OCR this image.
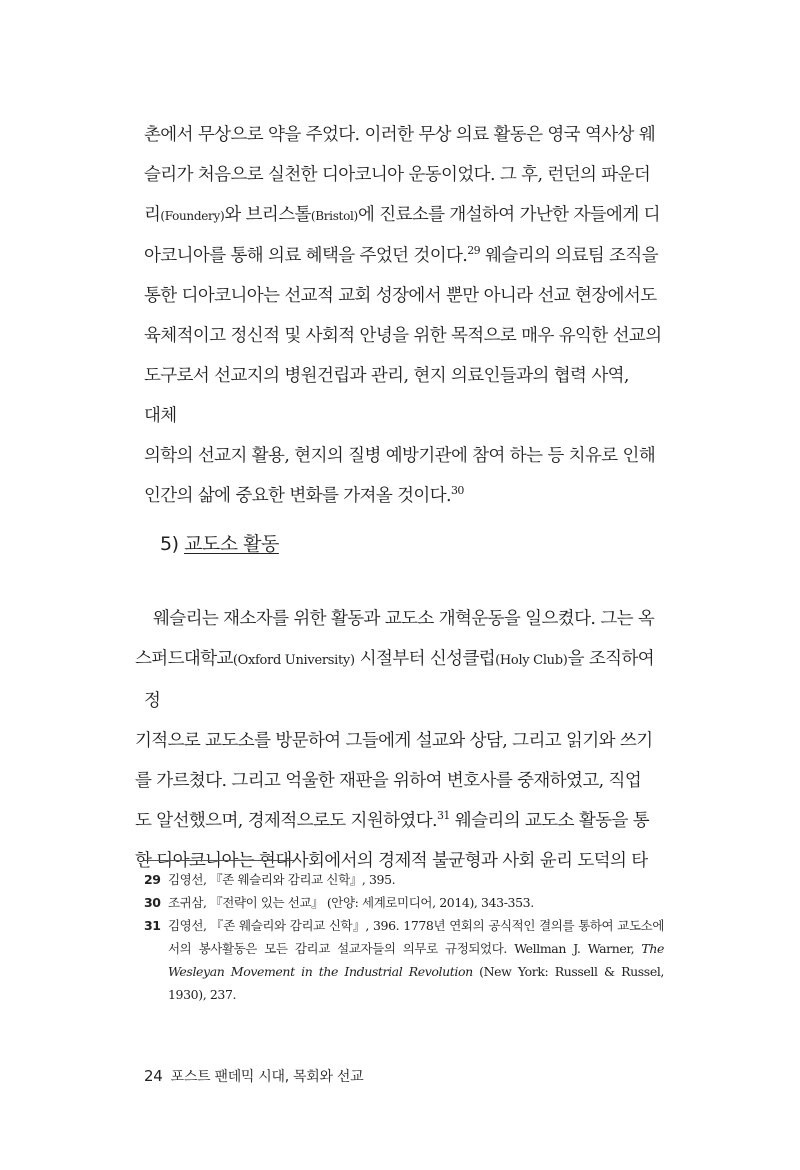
촌에서 무상으로 약을 주었다. 이러한 무상 의료 활동은 영국 역사상 웨
슬리가 처음으로 실천한 디아코니아 운동이었다. 그 후, 런던의 파운더
리(Foundery)와 브리스톨(Bristol)에 진료소를 개설하여 가난한 자들에게 디
아코니아를 통해 의료 혜택을 주었던 것이다.$^{29}$ 웨슬리의 의료팀 조직을
통한 디아코니아는 선교적 교회 성장에서 뿐만 아니라 선교 현장에서도
육체적이고 정신적 및 사회적 안녕을 위한 목적으로 매우 유익한 선교의
도구로서 선교지의 병원건립과 관리, 현지 의료인들과의 협력 사역, 대체
의학의 선교지 활용, 현지의 질병 예방기관에 참여 하는 등 치유로 인해
인간의 삶에 중요한 변화를 가져올 것이다.$^{30}$
5) 교도소 활동
웨슬리는 재소자를 위한 활동과 교도소 개혁운동을 일으켰다. 그는 옥
스퍼드대학교(Oxford University) 시절부터 신성클럽(Holy Club)을 조직하여 정
기적으로 교도소를 방문하여 그들에게 설교와 상담, 그리고 읽기와 쓰기
를 가르쳤다. 그리고 억울한 재판을 위하여 변호사를 중재하였고, 직업
도 알선했으며, 경제적으로도 지원하였다.$^{31}$ 웨슬리의 교도소 활동을 통
한 디아코니아는 현대사회에서의 경제적 불균형과 사회 윤리 도덕의 타
29 김영선, 『존 웨슬리와 감리교 신학』, 395.
30 조귀삼, 『전략이 있는 선교』 (안양: 세계로미디어, 2014), 343-353.
31 김영선, 『존 웨슬리와 감리교 신학』, 396. 1778년 연회의 공식적인 결의를 통하여 교도소에서의 봉사활동은 모든 감리교 설교자들의 의무로 규정되었다. Wellman J. Warner, The Wesleyan Movement in the Industrial Revolution (New York: Russell & Russel, 1930), 237.
24 포스트 팬데믹 시대, 목회와 선교
